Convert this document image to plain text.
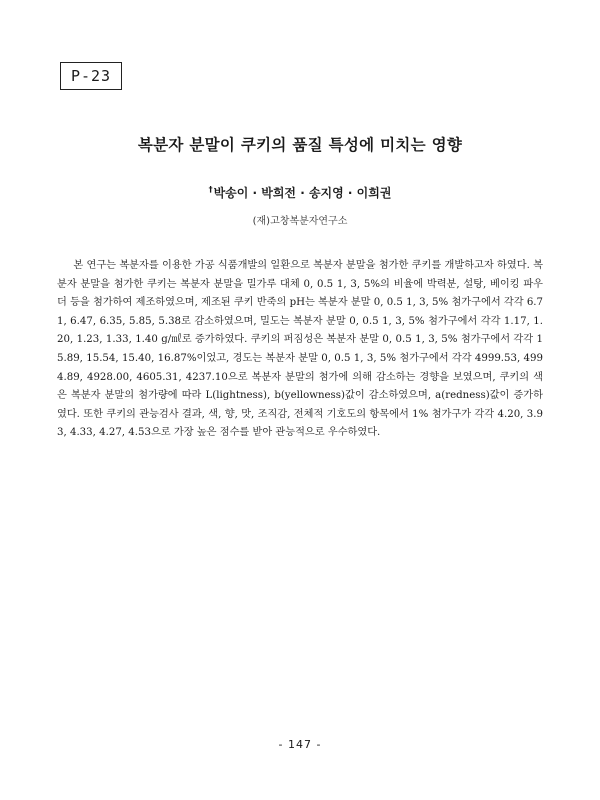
P-23
복분자 분말이 쿠키의 품질 특성에 미치는 영향
†박송이 · 박희전 · 송지영 · 이희권
(재)고창복분자연구소

본 연구는 복분자를 이용한 가공 식품개발의 일환으로 복분자 분말을 첨가한 쿠키를 개발하고자 하였다. 복분자 분말을 첨가한 쿠키는 복분자 분말을 밀가루 대체 0, 0.5 1, 3, 5%의 비율에 박력분, 설탕, 베이킹 파우더 등을 첨가하여 제조하였으며, 제조된 쿠키 반죽의 pH는 복분자 분말 0, 0.5 1, 3, 5% 첨가구에서 각각 6.71, 6.47, 6.35, 5.85, 5.38로 감소하였으며, 밀도는 복분자 분말 0, 0.5 1, 3, 5% 첨가구에서 각각 1.17, 1.20, 1.23, 1.33, 1.40 g/㎖로 증가하였다. 쿠키의 퍼짐성은 복분자 분말 0, 0.5 1, 3, 5% 첨가구에서 각각 15.89, 15.54, 15.40, 16.87%이었고, 경도는 복분자 분말 0, 0.5 1, 3, 5% 첨가구에서 각각 4999.53, 4994.89, 4928.00, 4605.31, 4237.10으로 복분자 분말의 첨가에 의해 감소하는 경향을 보였으며, 쿠키의 색은 복분자 분말의 첨가량에 따라 L(lightness), b(yellowness)값이 감소하였으며, a(redness)값이 증가하였다. 또한 쿠키의 관능검사 결과, 색, 향, 맛, 조직감, 전체적 기호도의 항목에서 1% 첨가구가 각각 4.20, 3.93, 4.33, 4.27, 4.53으로 가장 높은 점수를 받아 관능적으로 우수하였다.

- 147 -
